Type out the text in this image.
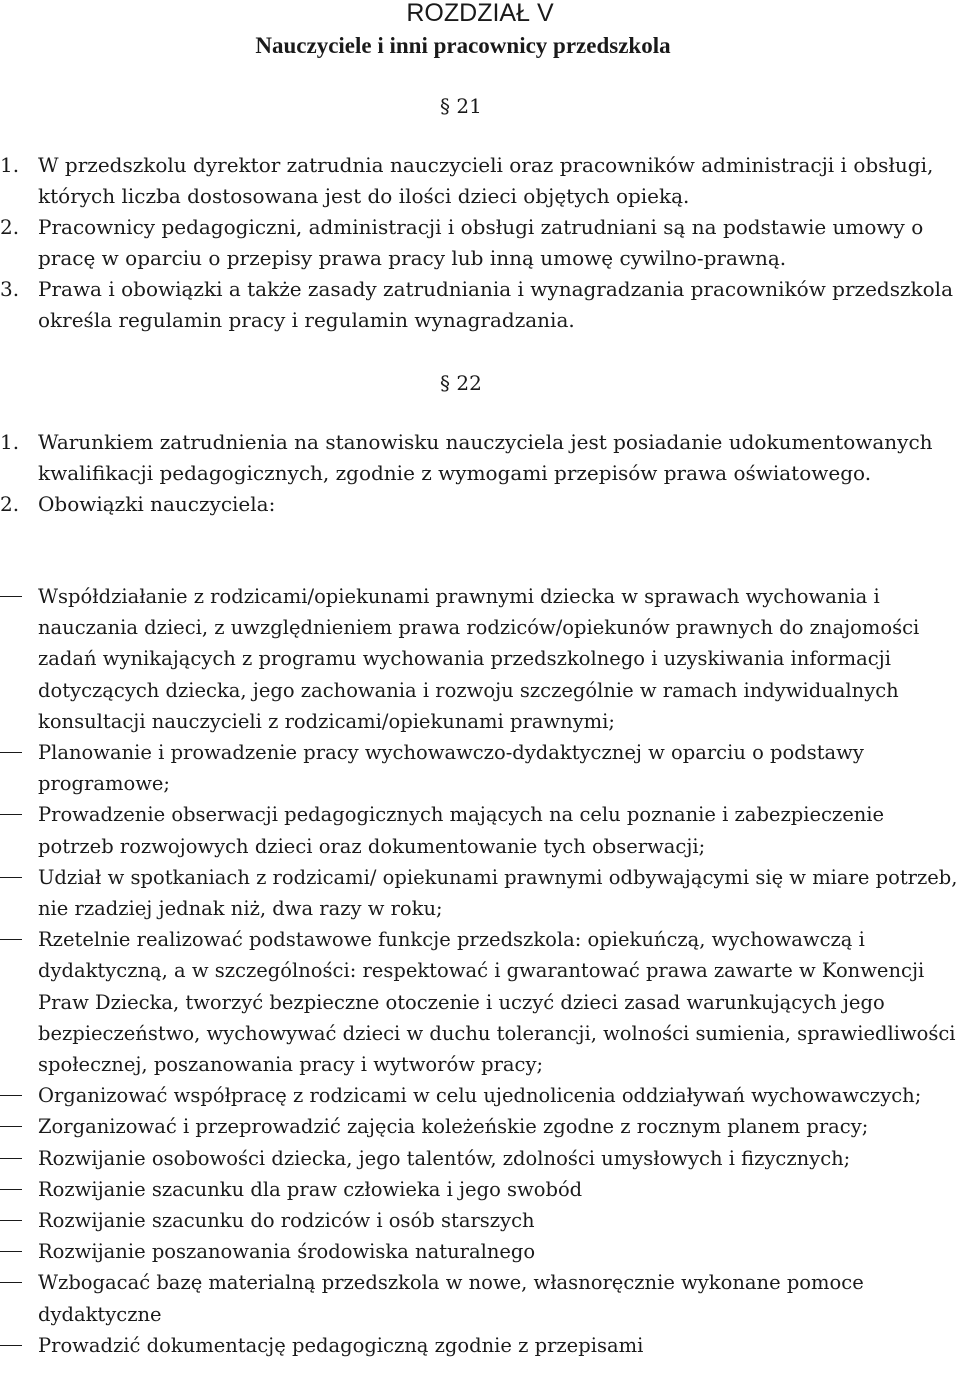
ROZDZIAŁ V
Nauczyciele i inni pracownicy przedszkola
§ 21
1. W przedszkolu dyrektor zatrudnia nauczycieli oraz pracowników administracji i obsługi, których liczba dostosowana jest do ilości dzieci objętych opieką.
2. Pracownicy pedagogiczni, administracji i obsługi zatrudniani są na podstawie umowy o pracę w oparciu o przepisy prawa pracy lub inną umowę cywilno-prawną.
3. Prawa i obowiązki a także zasady zatrudniania i wynagradzania pracowników przedszkola określa regulamin pracy i regulamin wynagradzania.
§ 22
1. Warunkiem zatrudnienia na stanowisku nauczyciela jest posiadanie udokumentowanych kwalifikacji pedagogicznych, zgodnie z wymogami przepisów prawa oświatowego.
2. Obowiązki nauczyciela:
Współdziałanie z rodzicami/opiekunami prawnymi dziecka w sprawach wychowania i nauczania dzieci, z uwzględnieniem prawa rodziców/opiekunów prawnych do znajomości zadań wynikających z programu wychowania przedszkolnego i uzyskiwania informacji dotyczących dziecka, jego zachowania i rozwoju szczególnie w ramach indywidualnych konsultacji nauczycieli z rodzicami/opiekunami prawnymi;
Planowanie i prowadzenie pracy wychowawczo-dydaktycznej w oparciu o podstawy programowe;
Prowadzenie obserwacji pedagogicznych mających na celu poznanie i zabezpieczenie potrzeb rozwojowych dzieci oraz dokumentowanie tych obserwacji;
Udział w spotkaniach z rodzicami/ opiekunami prawnymi odbywającymi się w miare potrzeb, nie rzadziej jednak niż, dwa razy w roku;
Rzetelnie realizować podstawowe funkcje przedszkola: opiekuńczą, wychowawczą i dydaktyczną, a w szczególności: respektować i gwarantować prawa zawarte w Konwencji Praw Dziecka, tworzyć bezpieczne otoczenie i uczyć dzieci zasad warunkujących jego bezpieczeństwo, wychowywać dzieci w duchu tolerancji, wolności sumienia, sprawiedliwości społecznej, poszanowania pracy i wytworów pracy;
Organizować współpracę z rodzicami w celu ujednolicenia oddziaływań wychowawczych;
Zorganizować i przeprowadzić zajęcia koleżeńskie zgodne z rocznym planem pracy;
Rozwijanie osobowości dziecka, jego talentów, zdolności umysłowych i fizycznych;
Rozwijanie szacunku dla praw człowieka i jego swobód
Rozwijanie szacunku do rodziców i osób starszych
Rozwijanie poszanowania środowiska naturalnego
Wzbogacać bazę materialną przedszkola w nowe, własnoręcznie wykonane pomoce dydaktyczne
Prowadzić dokumentację pedagogiczną zgodnie z przepisami
